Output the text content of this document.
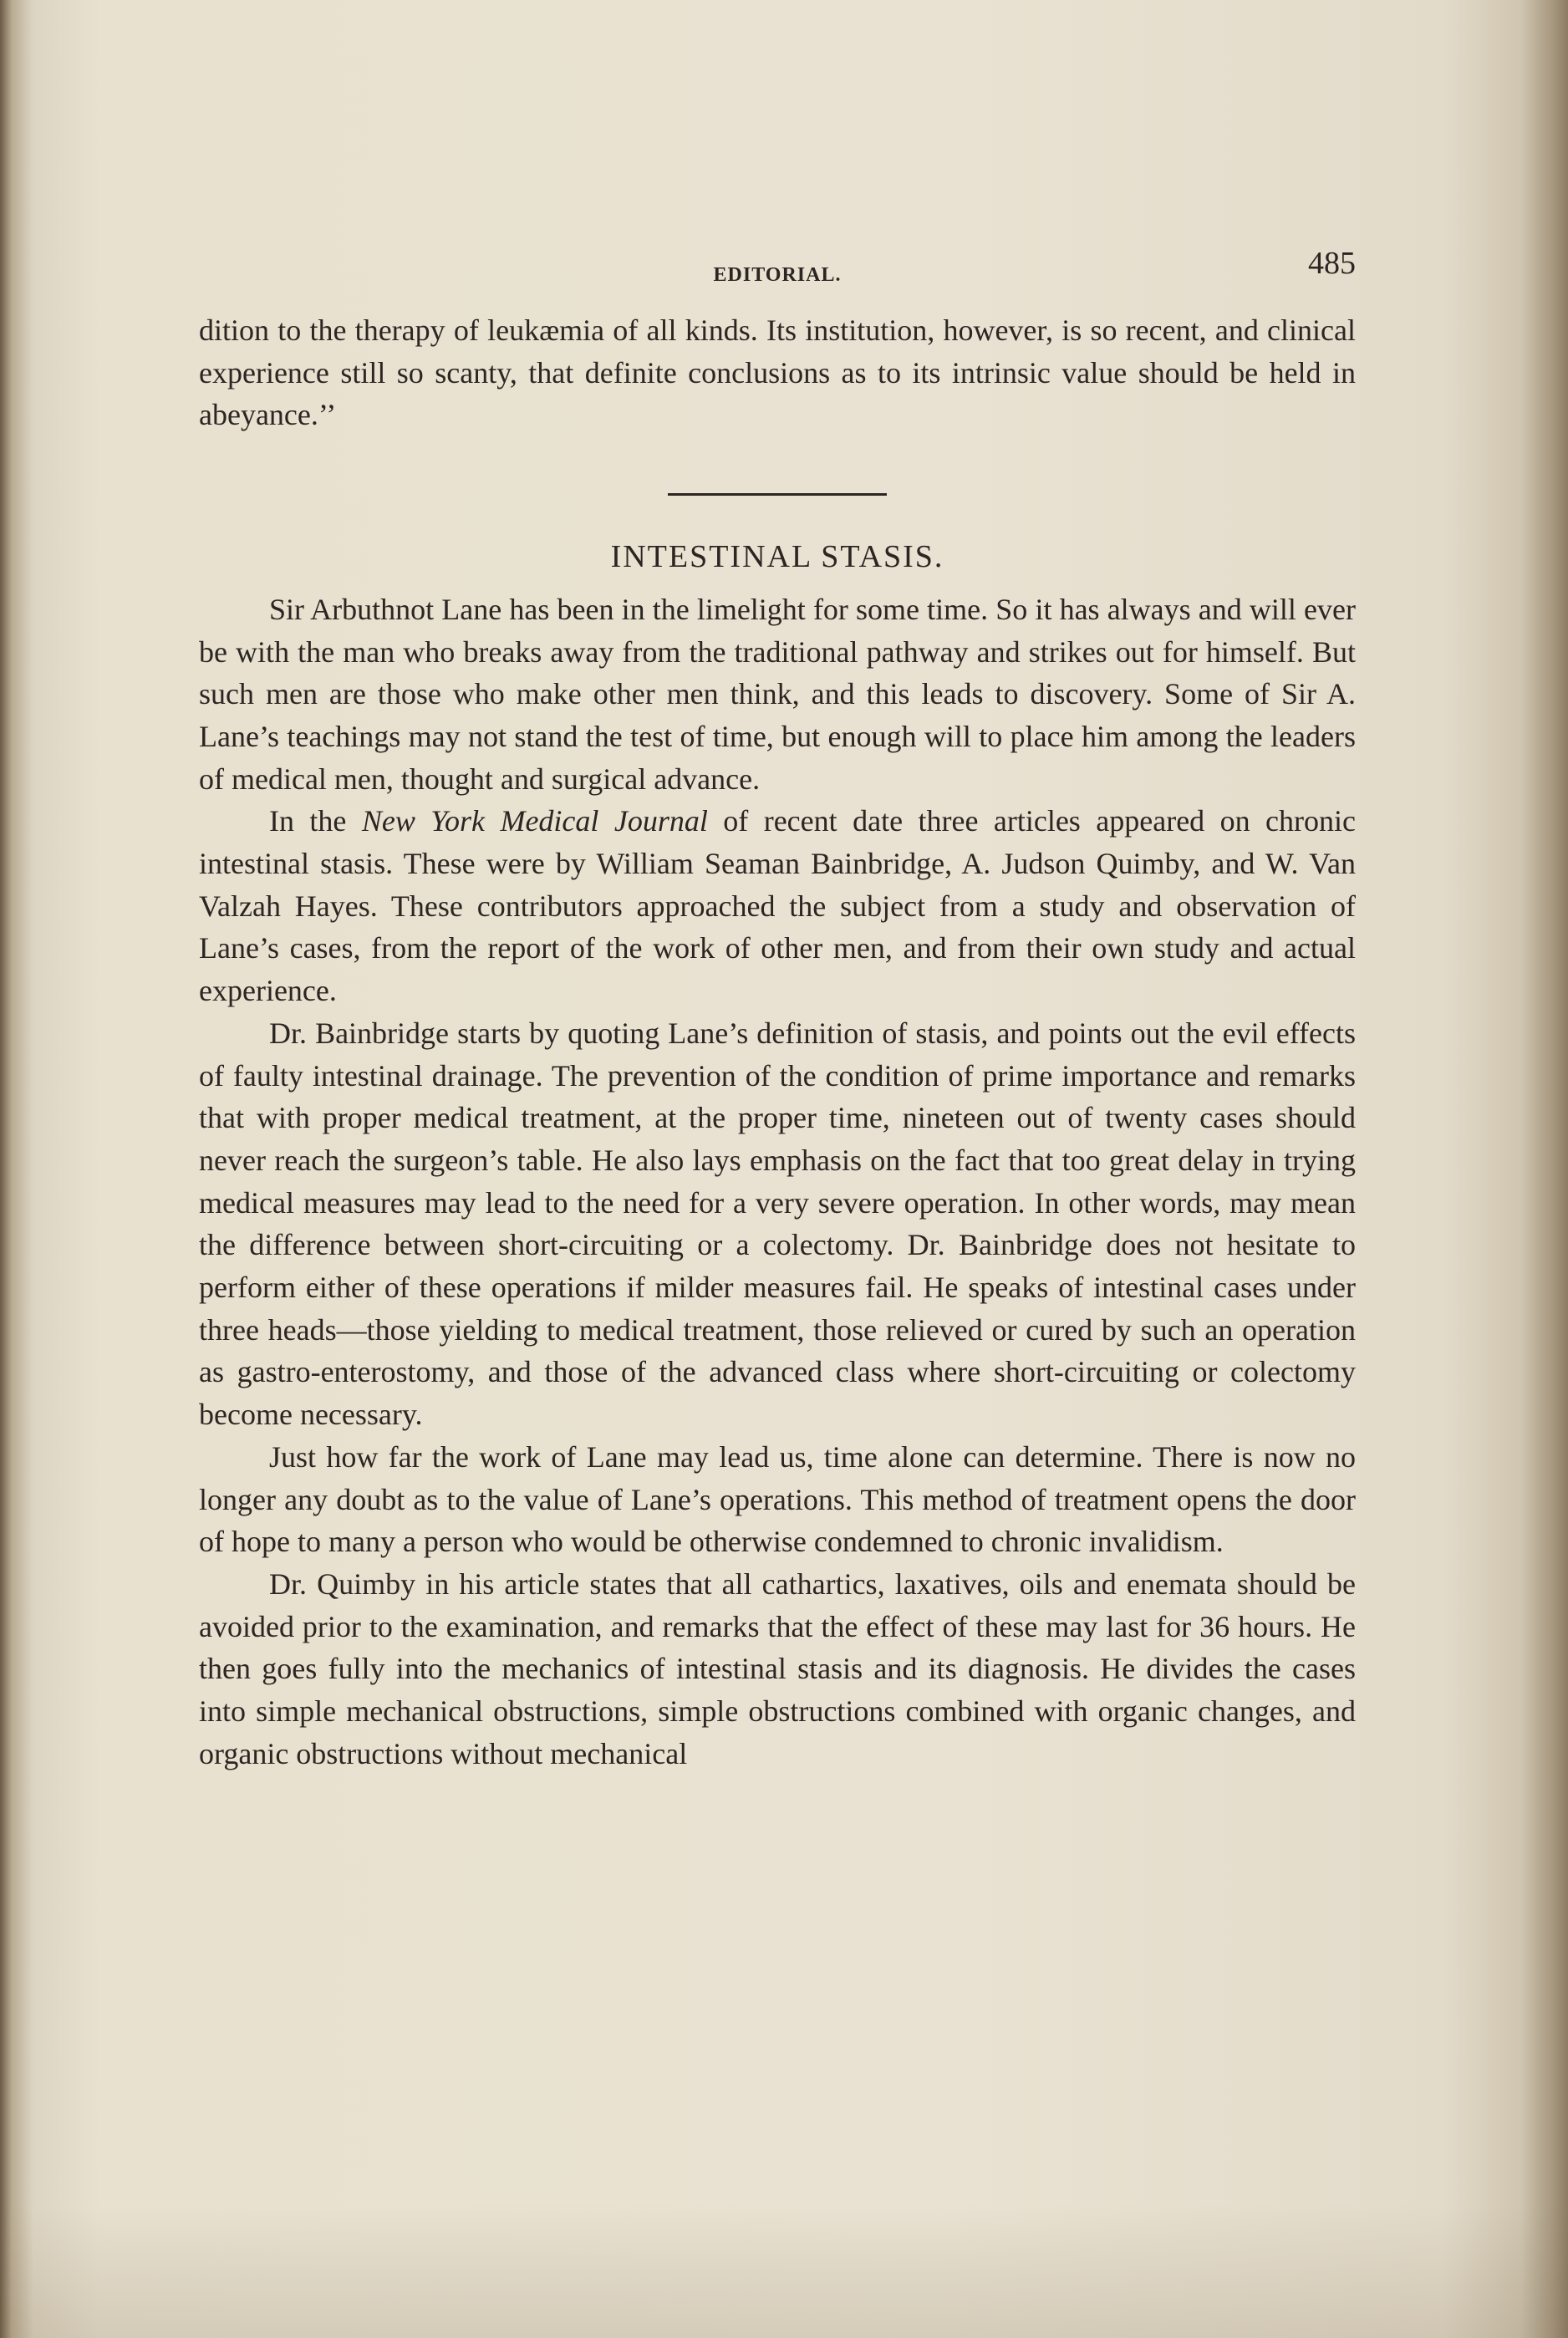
EDITORIAL.	485

dition to the therapy of leukæmia of all kinds. Its institution, however, is so recent, and clinical experience still so scanty, that definite conclusions as to its intrinsic value should be held in abeyance.’’

INTESTINAL STASIS.

Sir Arbuthnot Lane has been in the limelight for some time. So it has always and will ever be with the man who breaks away from the traditional pathway and strikes out for himself. But such men are those who make other men think, and this leads to discovery. Some of Sir A. Lane’s teachings may not stand the test of time, but enough will to place him among the leaders of medical men, thought and surgical advance.

In the New York Medical Journal of recent date three articles appeared on chronic intestinal stasis. These were by William Seaman Bainbridge, A. Judson Quimby, and W. Van Valzah Hayes. These contributors approached the subject from a study and observation of Lane’s cases, from the report of the work of other men, and from their own study and actual experience.

Dr. Bainbridge starts by quoting Lane’s definition of stasis, and points out the evil effects of faulty intestinal drainage. The prevention of the condition of prime importance and remarks that with proper medical treatment, at the proper time, nineteen out of twenty cases should never reach the surgeon’s table. He also lays emphasis on the fact that too great delay in trying medical measures may lead to the need for a very severe operation. In other words, may mean the difference between short-circuiting or a colectomy. Dr. Bainbridge does not hesitate to perform either of these operations if milder measures fail. He speaks of intestinal cases under three heads—those yielding to medical treatment, those relieved or cured by such an operation as gastro-enterostomy, and those of the advanced class where short-circuiting or colectomy become necessary.

Just how far the work of Lane may lead us, time alone can determine. There is now no longer any doubt as to the value of Lane’s operations. This method of treatment opens the door of hope to many a person who would be otherwise condemned to chronic invalidism.

Dr. Quimby in his article states that all cathartics, laxatives, oils and enemata should be avoided prior to the examination, and remarks that the effect of these may last for 36 hours. He then goes fully into the mechanics of intestinal stasis and its diagnosis. He divides the cases into simple mechanical obstructions, simple obstructions combined with organic changes, and organic obstructions without mechanical
